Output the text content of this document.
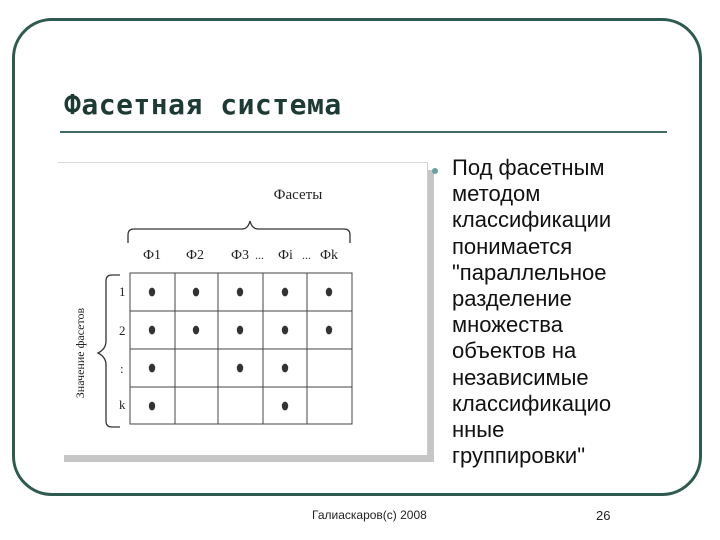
Фасетная система
Фасеты
Ф1 Ф2 Ф3 ... Фi ... Фk
Значение фасетов
1
2
:
k

Под фасетным
методом
классификации
понимается
"параллельное
разделение
множества
объектов на
независимые
классификацио
нные
группировки"

Галиаскаров(с) 2008	26
